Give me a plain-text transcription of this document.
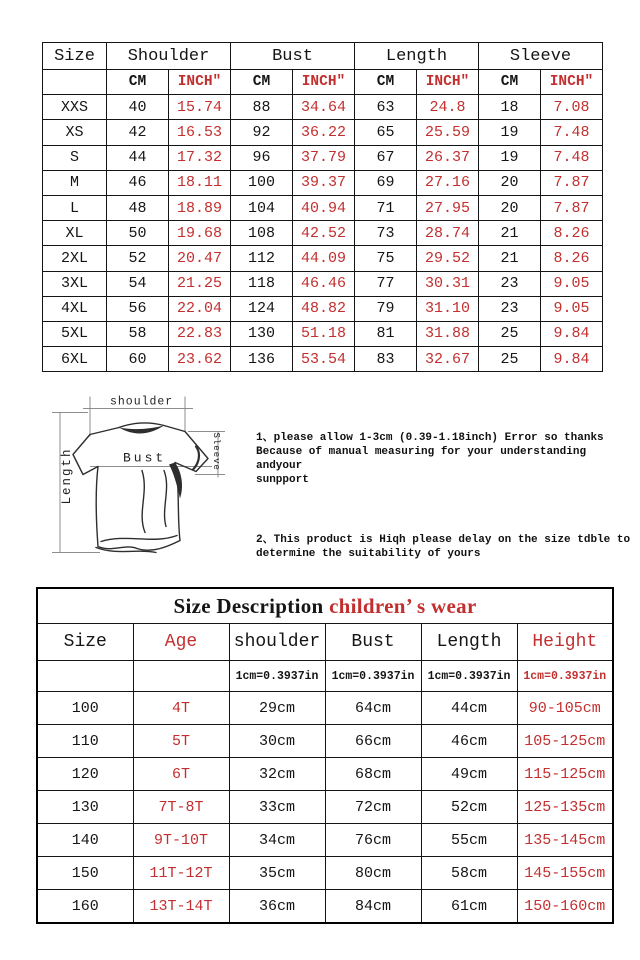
Size	Shoulder		Bust		Length		Sleeve	
	CM	INCH″	CM	INCH″	CM	INCH″	CM	INCH″
XXS	40	15.74	88	34.64	63	24.8	18	7.08
XS	42	16.53	92	36.22	65	25.59	19	7.48
S	44	17.32	96	37.79	67	26.37	19	7.48
M	46	18.11	100	39.37	69	27.16	20	7.87
L	48	18.89	104	40.94	71	27.95	20	7.87
XL	50	19.68	108	42.52	73	28.74	21	8.26
2XL	52	20.47	112	44.09	75	29.52	21	8.26
3XL	54	21.25	118	46.46	77	30.31	23	9.05
4XL	56	22.04	124	48.82	79	31.10	23	9.05
5XL	58	22.83	130	51.18	81	31.88	25	9.84
6XL	60	23.62	136	53.54	83	32.67	25	9.84
shoulder
Length	Bust	Sleeve	1、please allow 1-3cm (0.39-1.18inch) Error so thanks
Because of manual measuring for your understanding andyour
sunpport
2、This product is Hiqh please delay on the size tdble to
determine the suitability of yours
Size Description children’ s wear					
Size	Age	shoulder	Bust	Length	Height
		1cm=0.3937in	1cm=0.3937in	1cm=0.3937in	1cm=0.3937in
100	4T	29cm	64cm	44cm	90-105cm
110	5T	30cm	66cm	46cm	105-125cm
120	6T	32cm	68cm	49cm	115-125cm
130	7T-8T	33cm	72cm	52cm	125-135cm
140	9T-10T	34cm	76cm	55cm	135-145cm
150	11T-12T	35cm	80cm	58cm	145-155cm
160	13T-14T	36cm	84cm	61cm	150-160cm
